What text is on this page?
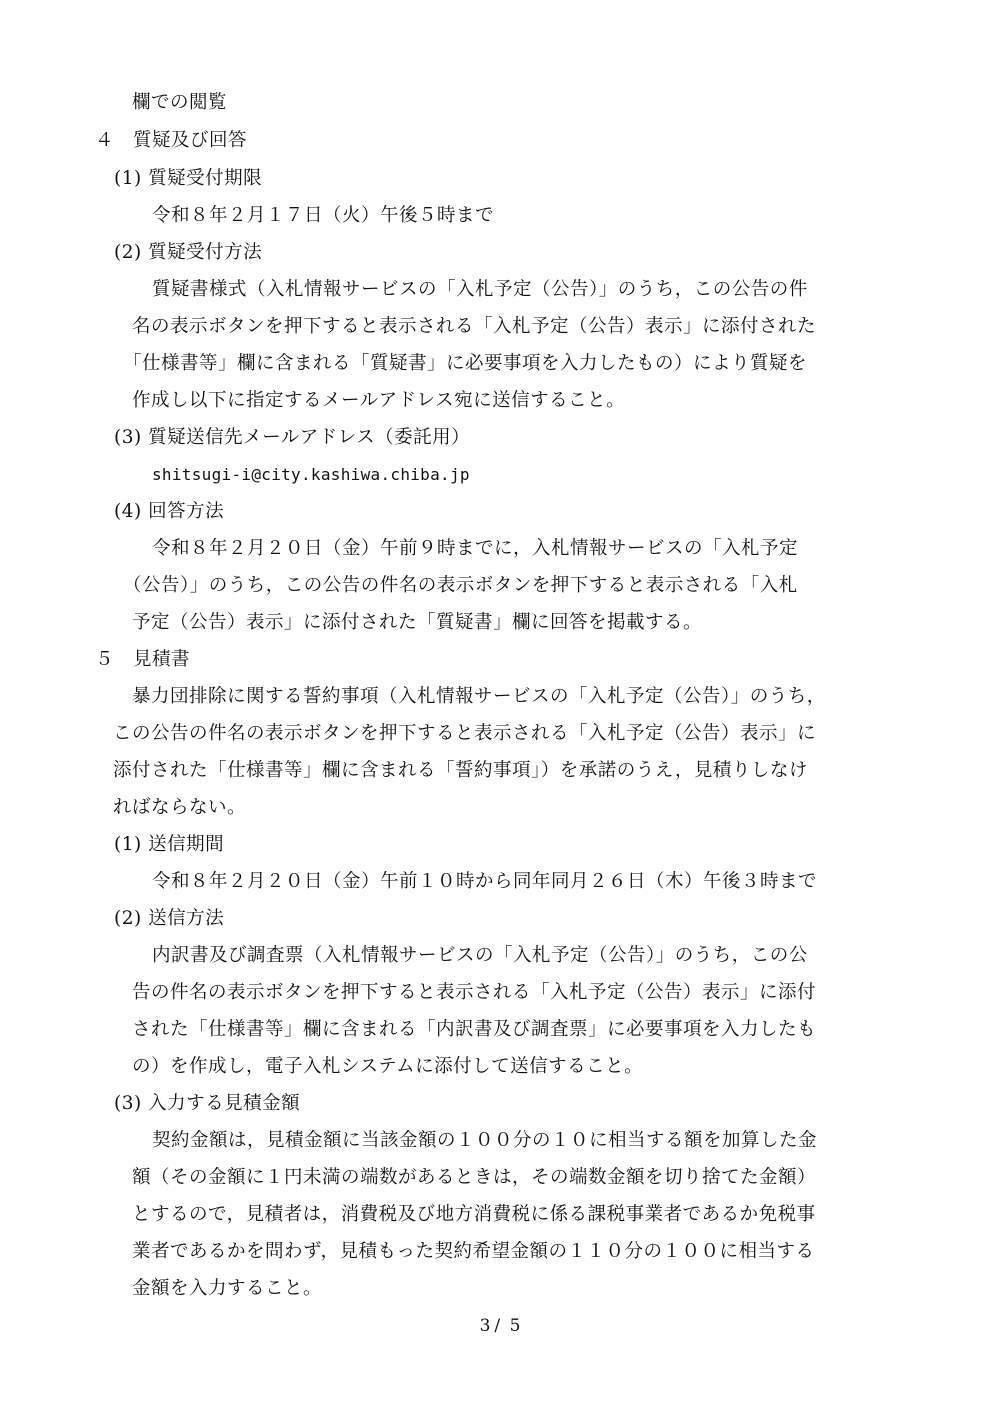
欄での閲覧
４　質疑及び回答
(1) 質疑受付期限
令和８年２月１７日（火）午後５時まで
(2) 質疑受付方法
質疑書様式（入札情報サービスの「入札予定（公告）」のうち，この公告の件
名の表示ボタンを押下すると表示される「入札予定（公告）表示」に添付された
「仕様書等」欄に含まれる「質疑書」に必要事項を入力したもの）により質疑を
作成し以下に指定するメールアドレス宛に送信すること。
(3) 質疑送信先メールアドレス（委託用）
shitsugi-i@city.kashiwa.chiba.jp
(4) 回答方法
令和８年２月２０日（金）午前９時までに，入札情報サービスの「入札予定
（公告）」のうち，この公告の件名の表示ボタンを押下すると表示される「入札
予定（公告）表示」に添付された「質疑書」欄に回答を掲載する。
５　見積書
暴力団排除に関する誓約事項（入札情報サービスの「入札予定（公告）」のうち，
この公告の件名の表示ボタンを押下すると表示される「入札予定（公告）表示」に
添付された「仕様書等」欄に含まれる「誓約事項」）を承諾のうえ，見積りしなけ
ればならない。
(1) 送信期間
令和８年２月２０日（金）午前１０時から同年同月２６日（木）午後３時まで
(2) 送信方法
内訳書及び調査票（入札情報サービスの「入札予定（公告）」のうち，この公
告の件名の表示ボタンを押下すると表示される「入札予定（公告）表示」に添付
された「仕様書等」欄に含まれる「内訳書及び調査票」に必要事項を入力したも
の）を作成し，電子入札システムに添付して送信すること。
(3) 入力する見積金額
契約金額は，見積金額に当該金額の１００分の１０に相当する額を加算した金
額（その金額に１円未満の端数があるときは，その端数金額を切り捨てた金額）
とするので，見積者は，消費税及び地方消費税に係る課税事業者であるか免税事
業者であるかを問わず，見積もった契約希望金額の１１０分の１００に相当する
金額を入力すること。
3 / 5
